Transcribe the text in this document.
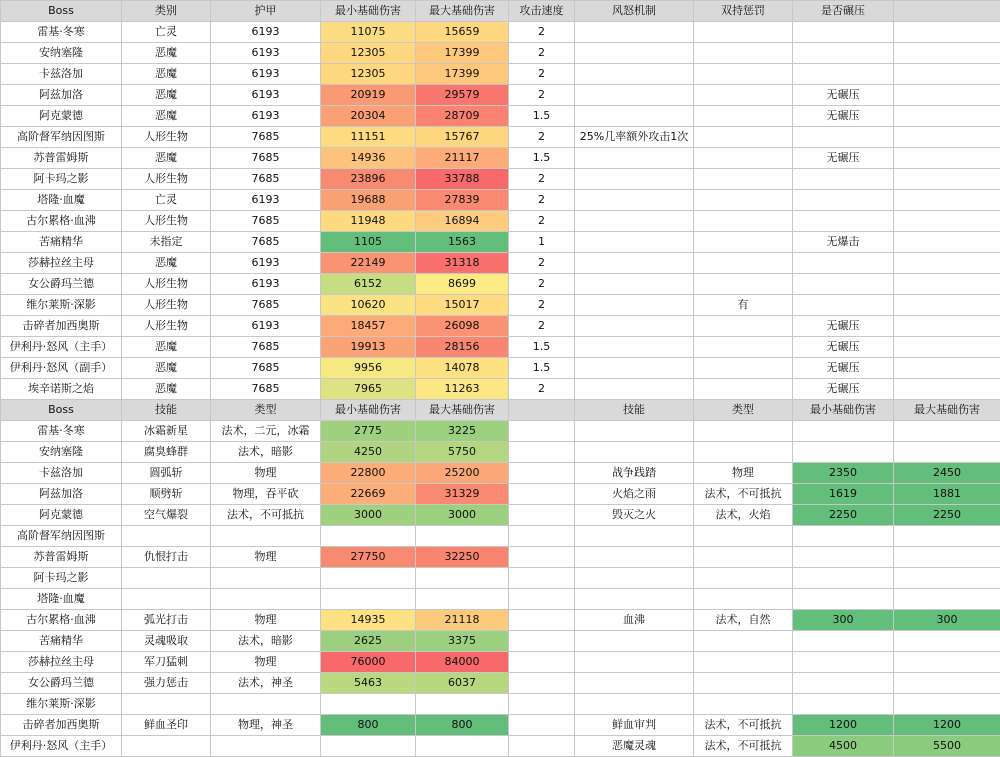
Boss	类别	护甲	最小基础伤害	最大基础伤害	攻击速度	风怒机制	双持惩罚	是否碾压	
雷基·冬寒	亡灵	6193	11075	15659	2				
安纳塞隆	恶魔	6193	12305	17399	2				
卡兹洛加	恶魔	6193	12305	17399	2				
阿兹加洛	恶魔	6193	20919	29579	2			无碾压	
阿克蒙德	恶魔	6193	20304	28709	1.5			无碾压	
高阶督军纳因图斯	人形生物	7685	11151	15767	2	25%几率额外攻击1次			
苏普雷姆斯	恶魔	7685	14936	21117	1.5			无碾压	
阿卡玛之影	人形生物	7685	23896	33788	2				
塔隆·血魔	亡灵	6193	19688	27839	2				
古尔累格·血沸	人形生物	7685	11948	16894	2				
苦痛精华	未指定	7685	1105	1563	1			无爆击	
莎赫拉丝主母	恶魔	6193	22149	31318	2				
女公爵玛兰德	人形生物	6193	6152	8699	2				
维尔莱斯·深影	人形生物	7685	10620	15017	2		有		
击碎者加西奥斯	人形生物	6193	18457	26098	2			无碾压	
伊利丹·怒风（主手）	恶魔	7685	19913	28156	1.5			无碾压	
伊利丹·怒风（副手）	恶魔	7685	9956	14078	1.5			无碾压	
埃辛诺斯之焰	恶魔	7685	7965	11263	2			无碾压	
Boss	技能	类型	最小基础伤害	最大基础伤害		技能	类型	最小基础伤害	最大基础伤害
雷基·冬寒	冰霜新星	法术，二元，冰霜	2775	3225					
安纳塞隆	腐臭蜂群	法术，暗影	4250	5750					
卡兹洛加	圆弧斩	物理	22800	25200		战争践踏	物理	2350	2450
阿兹加洛	顺劈斩	物理，吞平砍	22669	31329		火焰之雨	法术，不可抵抗	1619	1881
阿克蒙德	空气爆裂	法术，不可抵抗	3000	3000		毁灭之火	法术，火焰	2250	2250
高阶督军纳因图斯									
苏普雷姆斯	仇恨打击	物理	27750	32250					
阿卡玛之影									
塔隆·血魔									
古尔累格·血沸	弧光打击	物理	14935	21118		血沸	法术，自然	300	300
苦痛精华	灵魂吸取	法术，暗影	2625	3375					
莎赫拉丝主母	军刀猛刺	物理	76000	84000					
女公爵玛兰德	强力惩击	法术，神圣	5463	6037					
维尔莱斯·深影									
击碎者加西奥斯	鲜血圣印	物理，神圣	800	800		鲜血审判	法术，不可抵抗	1200	1200
伊利丹·怒风（主手）						恶魔灵魂	法术，不可抵抗	4500	5500
